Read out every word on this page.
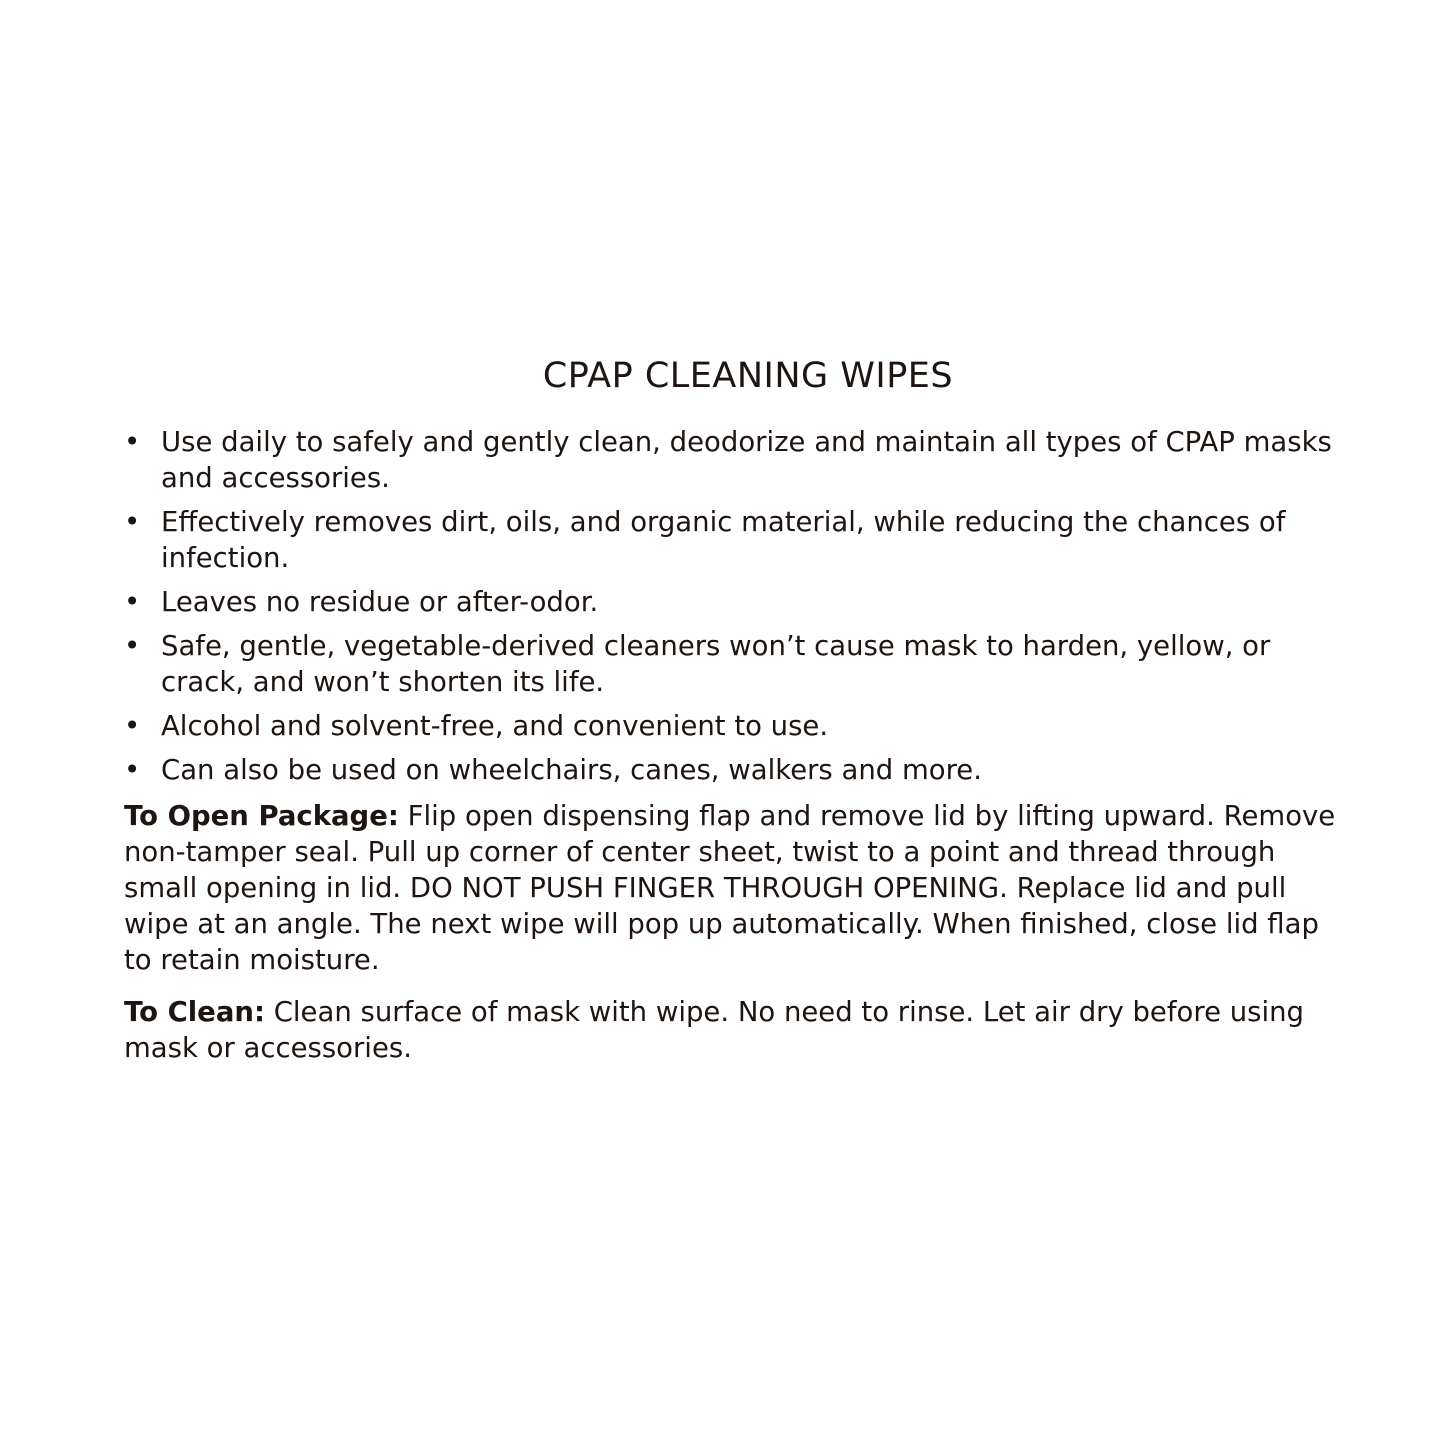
CPAP CLEANING WIPES
• Use daily to safely and gently clean, deodorize and maintain all types of CPAP masks and accessories.
• Effectively removes dirt, oils, and organic material, while reducing the chances of infection.
• Leaves no residue or after-odor.
• Safe, gentle, vegetable-derived cleaners won’t cause mask to harden, yellow, or crack, and won’t shorten its life.
• Alcohol and solvent-free, and convenient to use.
• Can also be used on wheelchairs, canes, walkers and more.

To Open Package: Flip open dispensing flap and remove lid by lifting upward. Remove non-tamper seal. Pull up corner of center sheet, twist to a point and thread through small opening in lid. DO NOT PUSH FINGER THROUGH OPENING. Replace lid and pull wipe at an angle. The next wipe will pop up automatically. When finished, close lid flap to retain moisture.

To Clean: Clean surface of mask with wipe. No need to rinse. Let air dry before using mask or accessories.
